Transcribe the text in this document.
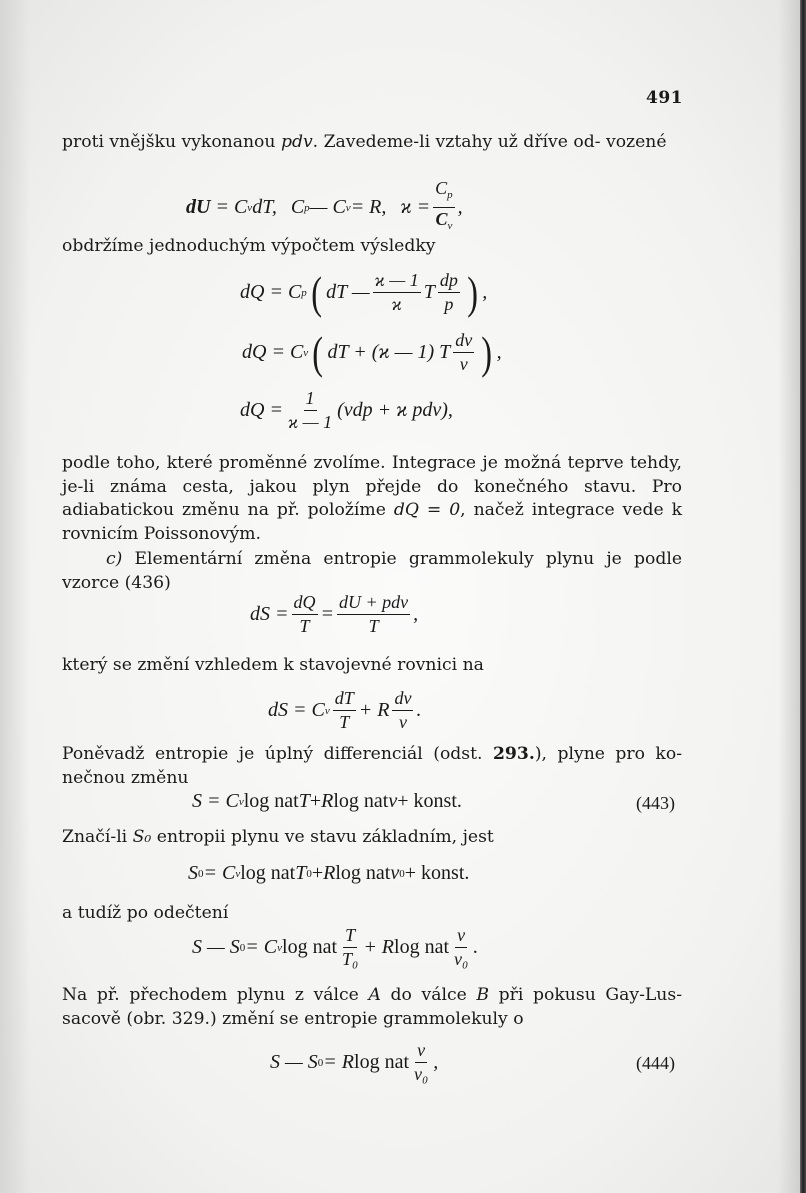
491
proti vnějšku vykonanou pdv. Zavedeme-li vztahy už dříve od- vozené
dU
= C v dT, C p — C v = R, $ϰ = \frac{C_p}{C_v}$ ,
obdržíme jednoduchým výpočtem výsledky
dQ = C p ( dT — $\frac{ϰ — 1}{ϰ}$ T $\frac{dp}{p}$ ) ,
dQ = C v ( dT + (ϰ — 1) T $\frac{dv}{v}$ ) ,
dQ = $\frac{1}{ϰ — 1} (vdp + ϰ$ pdv),
podle toho, které proměnné zvolíme. Integrace je možná teprve tehdy, je-li známa cesta, jakou plyn přejde do konečného stavu. Pro adiabatickou změnu na př. položíme dQ = 0, načež integrace vede k rovnicím Poissonovým.
c) Elementární změna entropie grammolekuly plynu je podle vzorce (436)
dS = $\frac{dQ}{T} = \frac{\text{dU + pdv}}{T}$ ,
který se změní vzhledem k stavojevné rovnici na
dS = C v $\frac{dT}{T} + R \frac{dv}{v}$ .
Poněvadž entropie je úplný differenciál (odst. 293.), plyne pro ko- nečnou změnu
S = C v log nat T + R log nat v + konst.	(443)
Značí-li S₀ entropii plynu ve stavu základním, jest
S 0 = C v log nat T 0 + R log nat v 0 + konst.
a tudíž po odečtení
S — S 0 = C v log nat $\frac{T}{\text{T₀}} + R$ log nat $\frac{v}{\text{v₀}}$ .
Na př. přechodem plynu z válce A do válce B při pokusu Gay-Lus- sacově (obr. 329.) změní se entropie grammolekuly o
S — S 0 = R log nat $\frac{v}{\text{v₀}}$ ,	(444)
